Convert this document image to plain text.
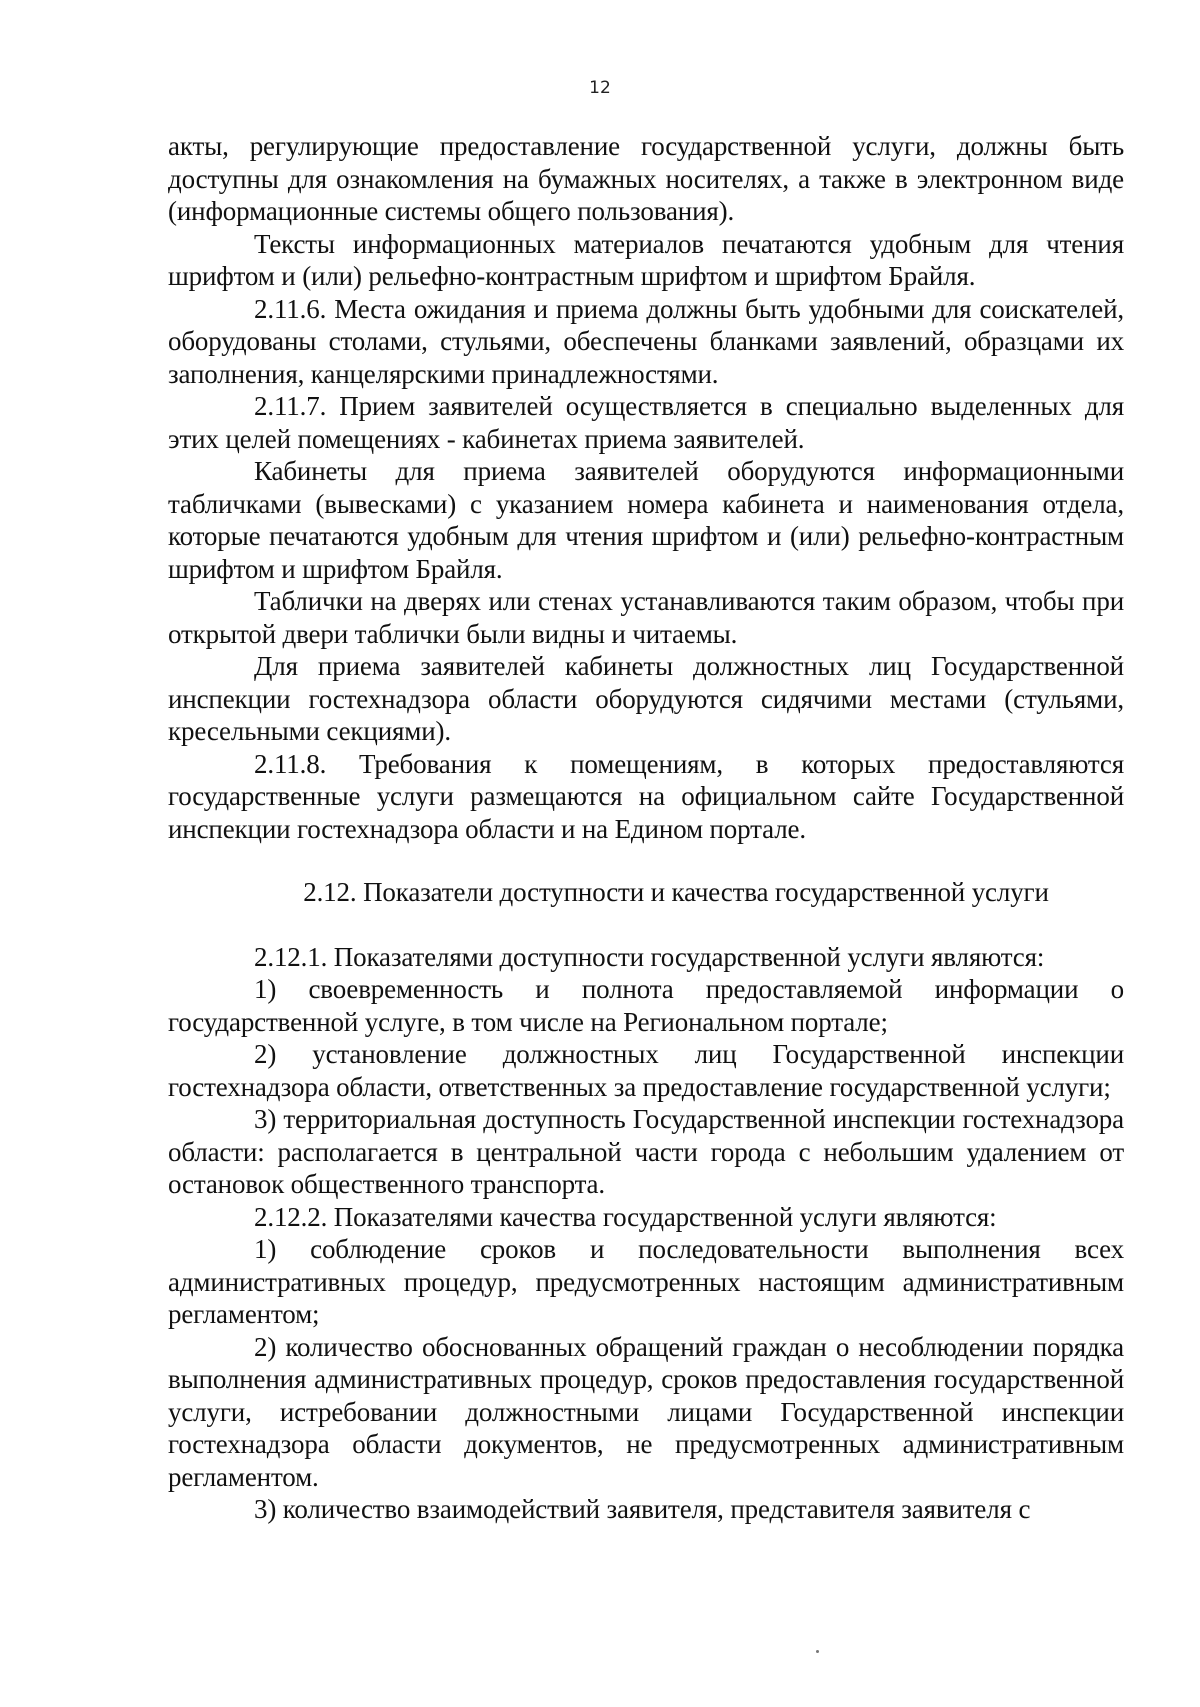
12

акты, регулирующие предоставление государственной услуги, должны быть доступны для ознакомления на бумажных носителях, а также в электронном виде (информационные системы общего пользования).

Тексты информационных материалов печатаются удобным для чтения шрифтом и (или) рельефно-контрастным шрифтом и шрифтом Брайля.

2.11.6. Места ожидания и приема должны быть удобными для соискателей, оборудованы столами, стульями, обеспечены бланками заявлений, образцами их заполнения, канцелярскими принадлежностями.

2.11.7. Прием заявителей осуществляется в специально выделенных для этих целей помещениях - кабинетах приема заявителей.

Кабинеты для приема заявителей оборудуются информационными табличками (вывесками) с указанием номера кабинета и наименования отдела, которые печатаются удобным для чтения шрифтом и (или) рельефно-контрастным шрифтом и шрифтом Брайля.

Таблички на дверях или стенах устанавливаются таким образом, чтобы при открытой двери таблички были видны и читаемы.

Для приема заявителей кабинеты должностных лиц Государственной инспекции гостехнадзора области оборудуются сидячими местами (стульями, кресельными секциями).

2.11.8. Требования к помещениям, в которых предоставляются государственные услуги размещаются на официальном сайте Государственной инспекции гостехнадзора области и на Едином портале.

2.12. Показатели доступности и качества государственной услуги

2.12.1. Показателями доступности государственной услуги являются:

1) своевременность и полнота предоставляемой информации о государственной услуге, в том числе на Региональном портале;

2) установление должностных лиц Государственной инспекции гостехнадзора области, ответственных за предоставление государственной услуги;

3) территориальная доступность Государственной инспекции гостехнадзора области: располагается в центральной части города с небольшим удалением от остановок общественного транспорта.

2.12.2. Показателями качества государственной услуги являются:

1) соблюдение сроков и последовательности выполнения всех административных процедур, предусмотренных настоящим административным регламентом;

2) количество обоснованных обращений граждан о несоблюдении порядка выполнения административных процедур, сроков предоставления государственной услуги, истребовании должностными лицами Государственной инспекции гостехнадзора области документов, не предусмотренных административным регламентом.

3) количество взаимодействий заявителя, представителя заявителя с
